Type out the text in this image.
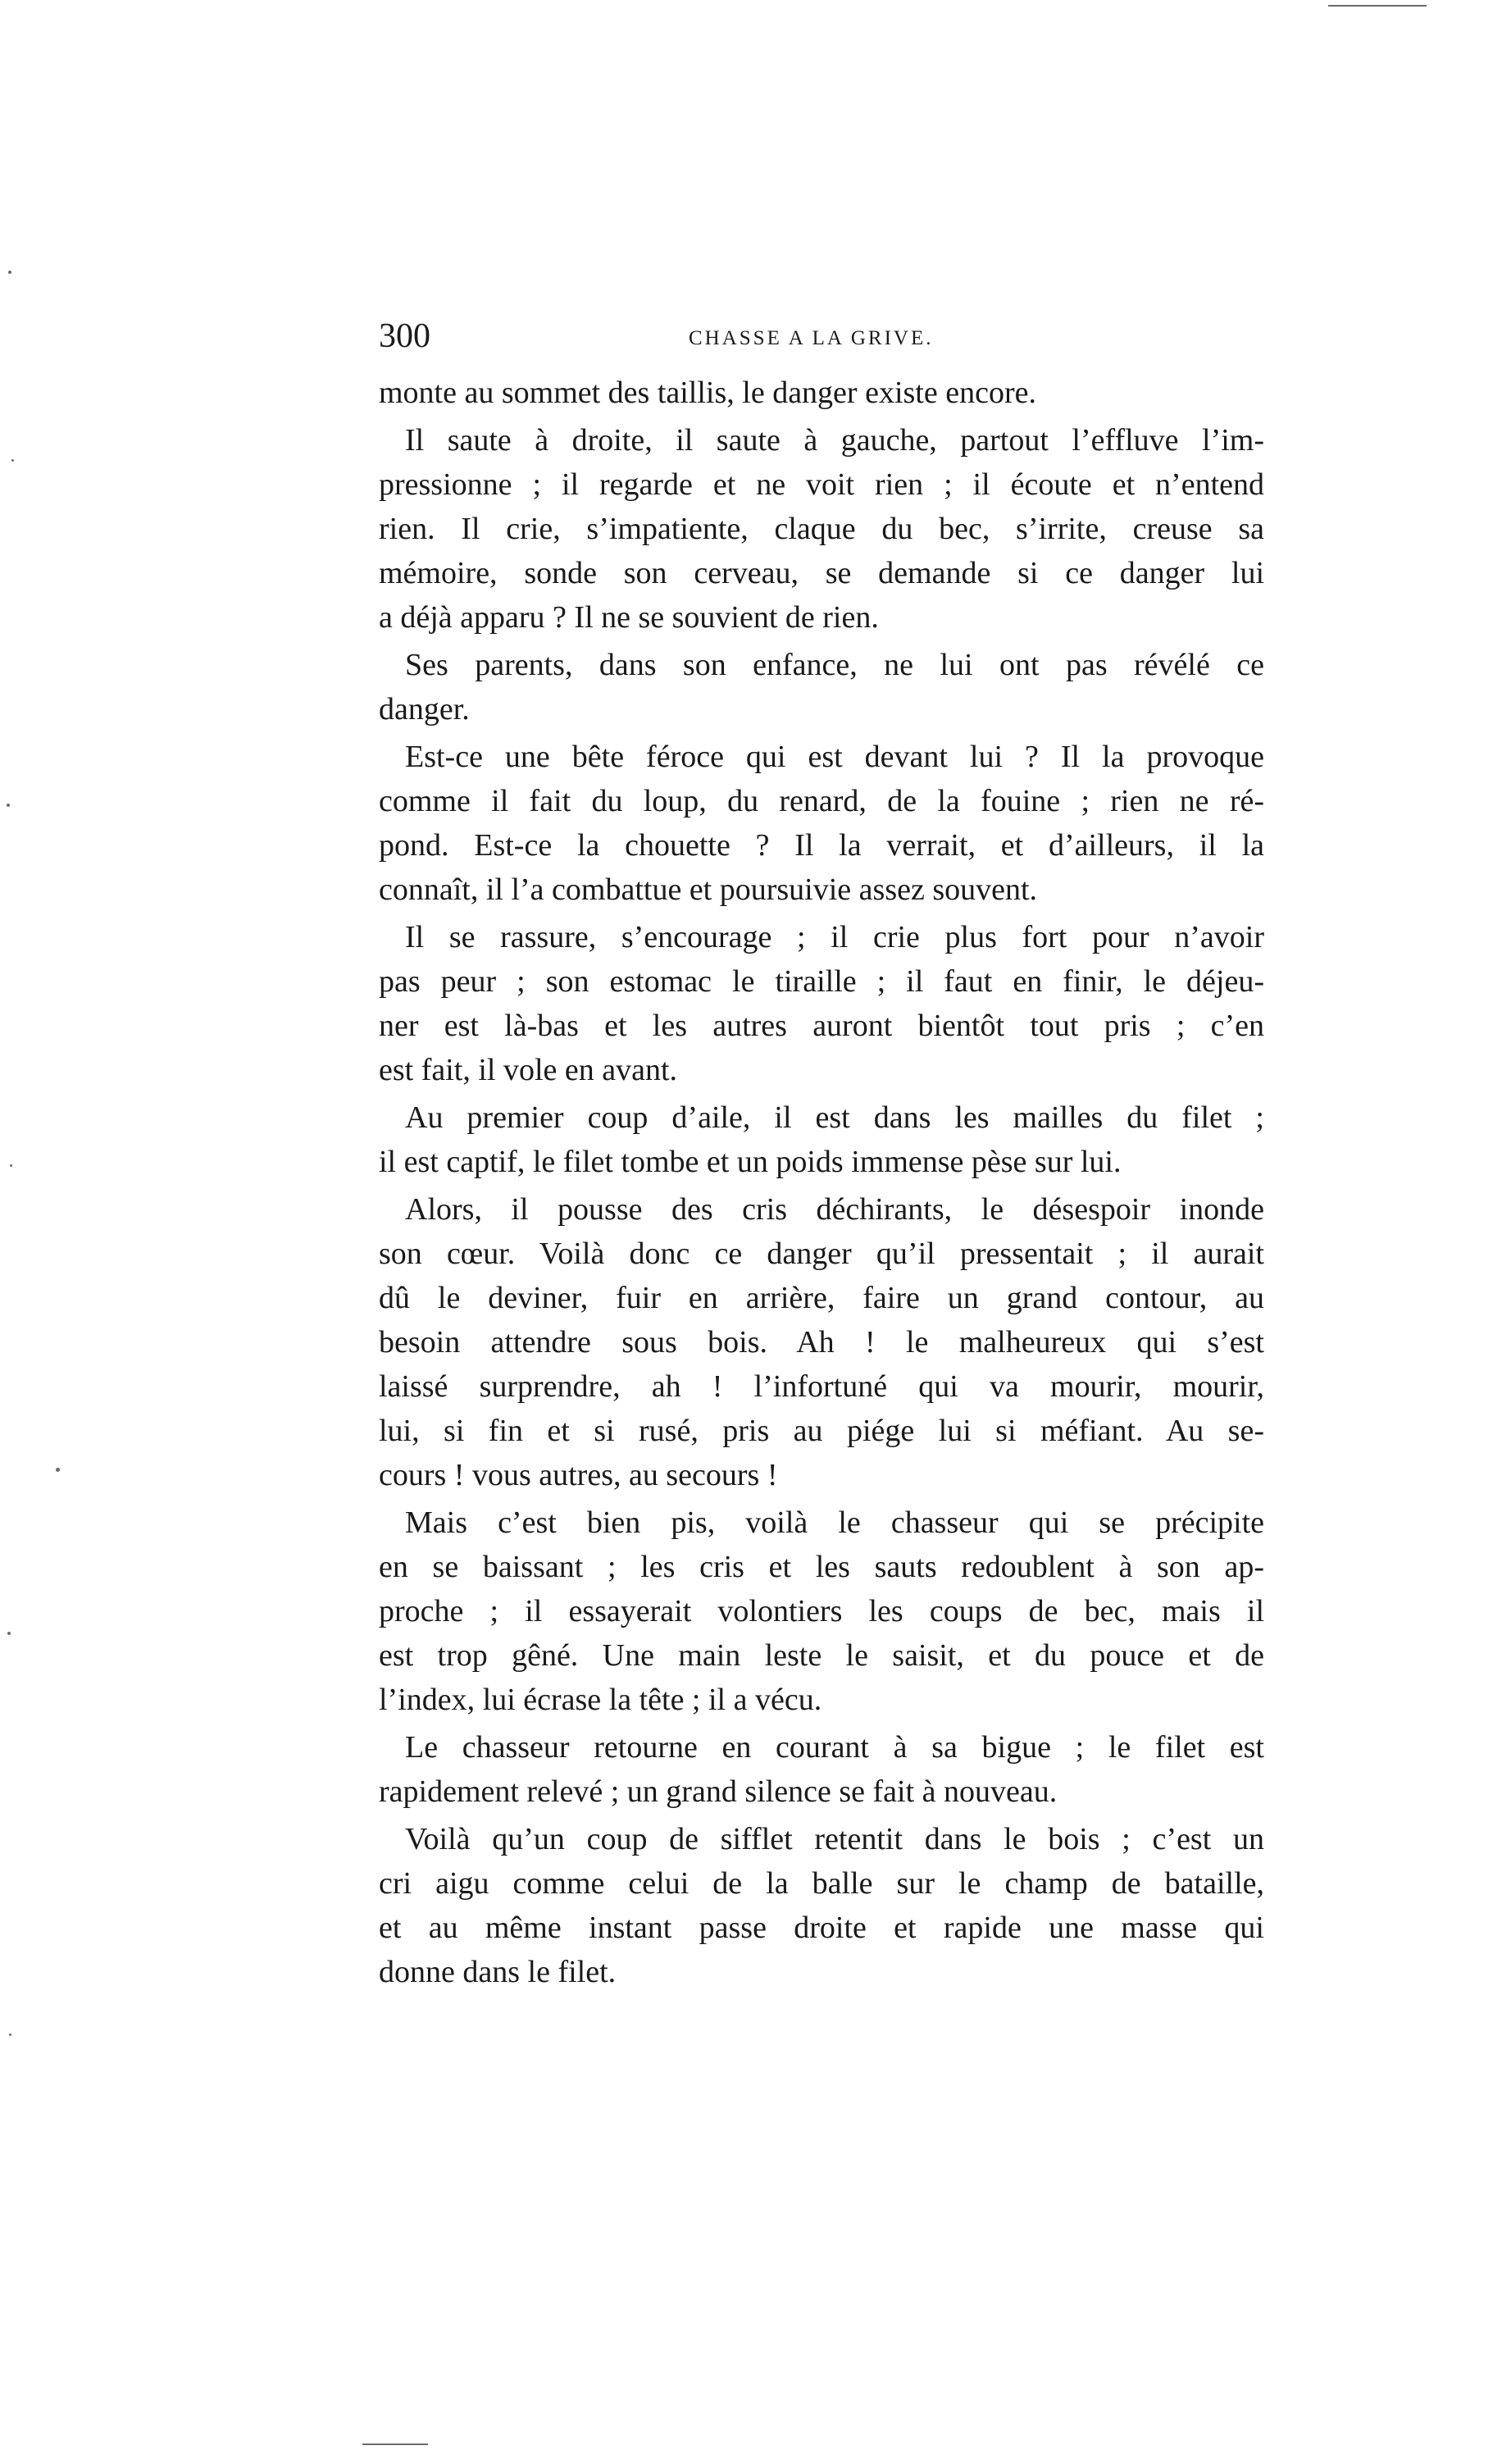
300	CHASSE A LA GRIVE.

monte au sommet des taillis, le danger existe encore.

Il saute à droite, il saute à gauche, partout l’effluve l’im-
pressionne ; il regarde et ne voit rien ; il écoute et n’entend
rien. Il crie, s’impatiente, claque du bec, s’irrite, creuse sa
mémoire, sonde son cerveau, se demande si ce danger lui
a déjà apparu ? Il ne se souvient de rien.

Ses parents, dans son enfance, ne lui ont pas révélé ce
danger.

Est-ce une bête féroce qui est devant lui ? Il la provoque
comme il fait du loup, du renard, de la fouine ; rien ne ré-
pond. Est-ce la chouette ? Il la verrait, et d’ailleurs, il la
connaît, il l’a combattue et poursuivie assez souvent.

Il se rassure, s’encourage ; il crie plus fort pour n’avoir
pas peur ; son estomac le tiraille ; il faut en finir, le déjeu-
ner est là-bas et les autres auront bientôt tout pris ; c’en
est fait, il vole en avant.

Au premier coup d’aile, il est dans les mailles du filet ;
il est captif, le filet tombe et un poids immense pèse sur lui.

Alors, il pousse des cris déchirants, le désespoir inonde
son cœur. Voilà donc ce danger qu’il pressentait ; il aurait
dû le deviner, fuir en arrière, faire un grand contour, au
besoin attendre sous bois. Ah ! le malheureux qui s’est
laissé surprendre, ah ! l’infortuné qui va mourir, mourir,
lui, si fin et si rusé, pris au piége lui si méfiant. Au se-
cours ! vous autres, au secours !

Mais c’est bien pis, voilà le chasseur qui se précipite
en se baissant ; les cris et les sauts redoublent à son ap-
proche ; il essayerait volontiers les coups de bec, mais il
est trop gêné. Une main leste le saisit, et du pouce et de
l’index, lui écrase la tête ; il a vécu.

Le chasseur retourne en courant à sa bigue ; le filet est
rapidement relevé ; un grand silence se fait à nouveau.

Voilà qu’un coup de sifflet retentit dans le bois ; c’est un
cri aigu comme celui de la balle sur le champ de bataille,
et au même instant passe droite et rapide une masse qui
donne dans le filet.
